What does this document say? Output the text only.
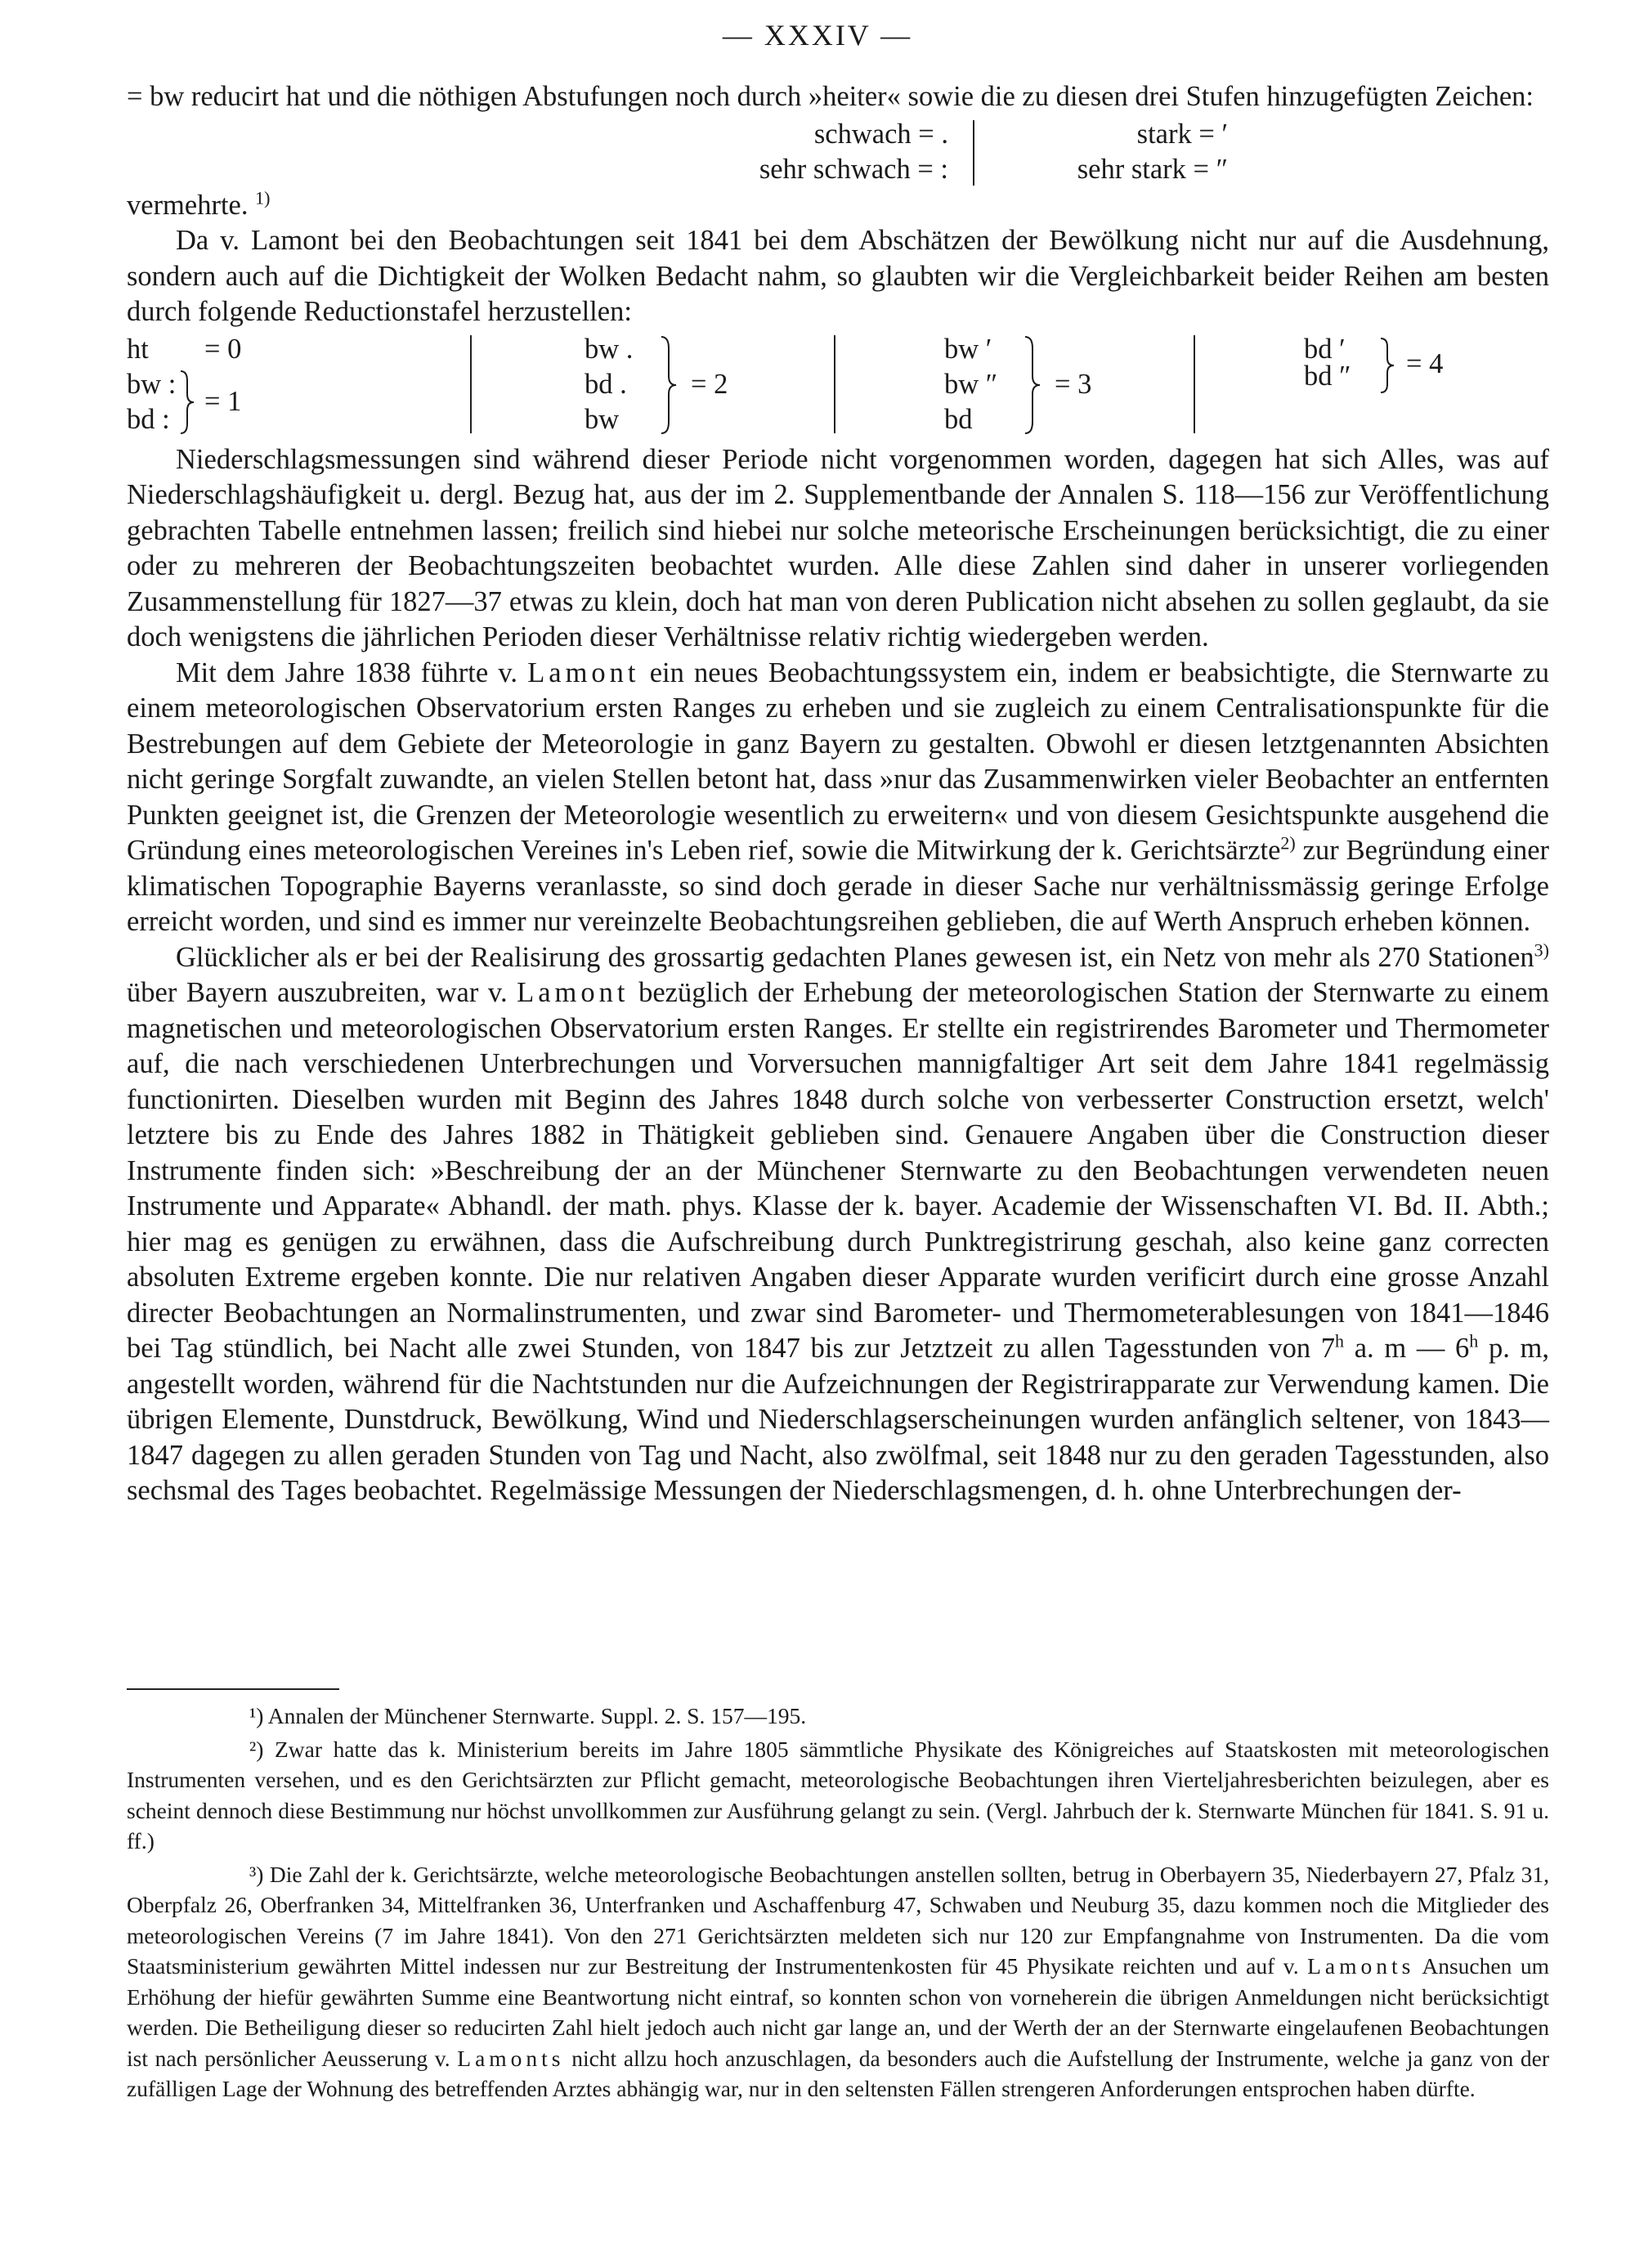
— XXXIV —

= bw reducirt hat und die nöthigen Abstufungen noch durch »heiter« sowie die zu diesen drei Stufen hinzugefügten Zeichen:

schwach = .
sehr schwach = :
stark = ′
sehr stark = ″

vermehrte. $^{1)}$

Da v. Lamont bei den Beobachtungen seit 1841 bei dem Abschätzen der Bewölkung nicht nur auf die Ausdehnung, sondern auch auf die Dichtigkeit der Wolken Bedacht nahm, so glaubten wir die Vergleichbarkeit beider Reihen am besten durch folgende Reductionstafel herzustellen:

ht = 0
bw :
bd :
= 1
bw .
bd .
bw
= 2
bw ′
bw ″
bd
= 3
bd ′
bd ″ = 4

Niederschlagsmessungen sind während dieser Periode nicht vorgenommen worden, dagegen hat sich Alles, was auf Niederschlagshäufigkeit u. dergl. Bezug hat, aus der im 2. Supplementbande der Annalen S. 118—156 zur Veröffentlichung gebrachten Tabelle entnehmen lassen; freilich sind hiebei nur solche meteorische Erscheinungen berücksichtigt, die zu einer oder zu mehreren der Beobachtungszeiten beobachtet wurden. Alle diese Zahlen sind daher in unserer vorliegenden Zusammenstellung für 1827—37 etwas zu klein, doch hat man von deren Publication nicht absehen zu sollen geglaubt, da sie doch wenigstens die jährlichen Perioden dieser Verhältnisse relativ richtig wiedergeben werden.

Mit dem Jahre 1838 führte v. Lamont ein neues Beobachtungssystem ein, indem er beabsichtigte, die Sternwarte zu einem meteorologischen Observatorium ersten Ranges zu erheben und sie zugleich zu einem Centralisationspunkte für die Bestrebungen auf dem Gebiete der Meteorologie in ganz Bayern zu gestalten. Obwohl er diesen letztgenannten Absichten nicht geringe Sorgfalt zuwandte, an vielen Stellen betont hat, dass »nur das Zusammenwirken vieler Beobachter an entfernten Punkten geeignet ist, die Grenzen der Meteorologie wesentlich zu erweitern« und von diesem Gesichtspunkte ausgehend die Gründung eines meteorologischen Vereines in's Leben rief, sowie die Mitwirkung der k. Gerichtsärzte$^{2)}$ zur Begründung einer klimatischen Topographie Bayerns veranlasste, so sind doch gerade in dieser Sache nur verhältnissmässig geringe Erfolge erreicht worden, und sind es immer nur vereinzelte Beobachtungsreihen geblieben, die auf Werth Anspruch erheben können.

Glücklicher als er bei der Realisirung des grossartig gedachten Planes gewesen ist, ein Netz von mehr als 270 Stationen$^{3)}$ über Bayern auszubreiten, war v. Lamont bezüglich der Erhebung der meteorologischen Station der Sternwarte zu einem magnetischen und meteorologischen Observatorium ersten Ranges. Er stellte ein registrirendes Barometer und Thermometer auf, die nach verschiedenen Unterbrechungen und Vorversuchen mannigfaltiger Art seit dem Jahre 1841 regelmässig functionirten. Dieselben wurden mit Beginn des Jahres 1848 durch solche von verbesserter Construction ersetzt, welch' letztere bis zu Ende des Jahres 1882 in Thätigkeit geblieben sind. Genauere Angaben über die Construction dieser Instrumente finden sich: »Beschreibung der an der Münchener Sternwarte zu den Beobachtungen verwendeten neuen Instrumente und Apparate« Abhandl. der math. phys. Klasse der k. bayer. Academie der Wissenschaften VI. Bd. II. Abth.; hier mag es genügen zu erwähnen, dass die Aufschreibung durch Punktregistrirung geschah, also keine ganz correcten absoluten Extreme ergeben konnte. Die nur relativen Angaben dieser Apparate wurden verificirt durch eine grosse Anzahl directer Beobachtungen an Normalinstrumenten, und zwar sind Barometer- und Thermometerablesungen von 1841—1846 bei Tag stündlich, bei Nacht alle zwei Stunden, von 1847 bis zur Jetztzeit zu allen Tagesstunden von 7$^h$ a. m — 6$^h$ p. m, angestellt worden, während für die Nachtstunden nur die Aufzeichnungen der Registrirapparate zur Verwendung kamen. Die übrigen Elemente, Dunstdruck, Bewölkung, Wind und Niederschlagserscheinungen wurden anfänglich seltener, von 1843—1847 dagegen zu allen geraden Stunden von Tag und Nacht, also zwölfmal, seit 1848 nur zu den geraden Tagesstunden, also sechsmal des Tages beobachtet. Regelmässige Messungen der Niederschlagsmengen, d. h. ohne Unterbrechungen der-

¹) Annalen der Münchener Sternwarte. Suppl. 2. S. 157—195.

²) Zwar hatte das k. Ministerium bereits im Jahre 1805 sämmtliche Physikate des Königreiches auf Staatskosten mit meteorologischen Instrumenten versehen, und es den Gerichtsärzten zur Pflicht gemacht, meteorologische Beobachtungen ihren Vierteljahresberichten beizulegen, aber es scheint dennoch diese Bestimmung nur höchst unvollkommen zur Ausführung gelangt zu sein. (Vergl. Jahrbuch der k. Sternwarte München für 1841. S. 91 u. ff.)

³) Die Zahl der k. Gerichtsärzte, welche meteorologische Beobachtungen anstellen sollten, betrug in Oberbayern 35, Niederbayern 27, Pfalz 31, Oberpfalz 26, Oberfranken 34, Mittelfranken 36, Unterfranken und Aschaffenburg 47, Schwaben und Neuburg 35, dazu kommen noch die Mitglieder des meteorologischen Vereins (7 im Jahre 1841). Von den 271 Gerichtsärzten meldeten sich nur 120 zur Empfangnahme von Instrumenten. Da die vom Staatsministerium gewährten Mittel indessen nur zur Bestreitung der Instrumentenkosten für 45 Physikate reichten und auf v. Lamonts Ansuchen um Erhöhung der hiefür gewährten Summe eine Beantwortung nicht eintraf, so konnten schon von vorneherein die übrigen Anmeldungen nicht berücksichtigt werden. Die Betheiligung dieser so reducirten Zahl hielt jedoch auch nicht gar lange an, und der Werth der an der Sternwarte eingelaufenen Beobachtungen ist nach persönlicher Aeusserung v. Lamonts nicht allzu hoch anzuschlagen, da besonders auch die Aufstellung der Instrumente, welche ja ganz von der zufälligen Lage der Wohnung des betreffenden Arztes abhängig war, nur in den seltensten Fällen strengeren Anforderungen entsprochen haben dürfte.
